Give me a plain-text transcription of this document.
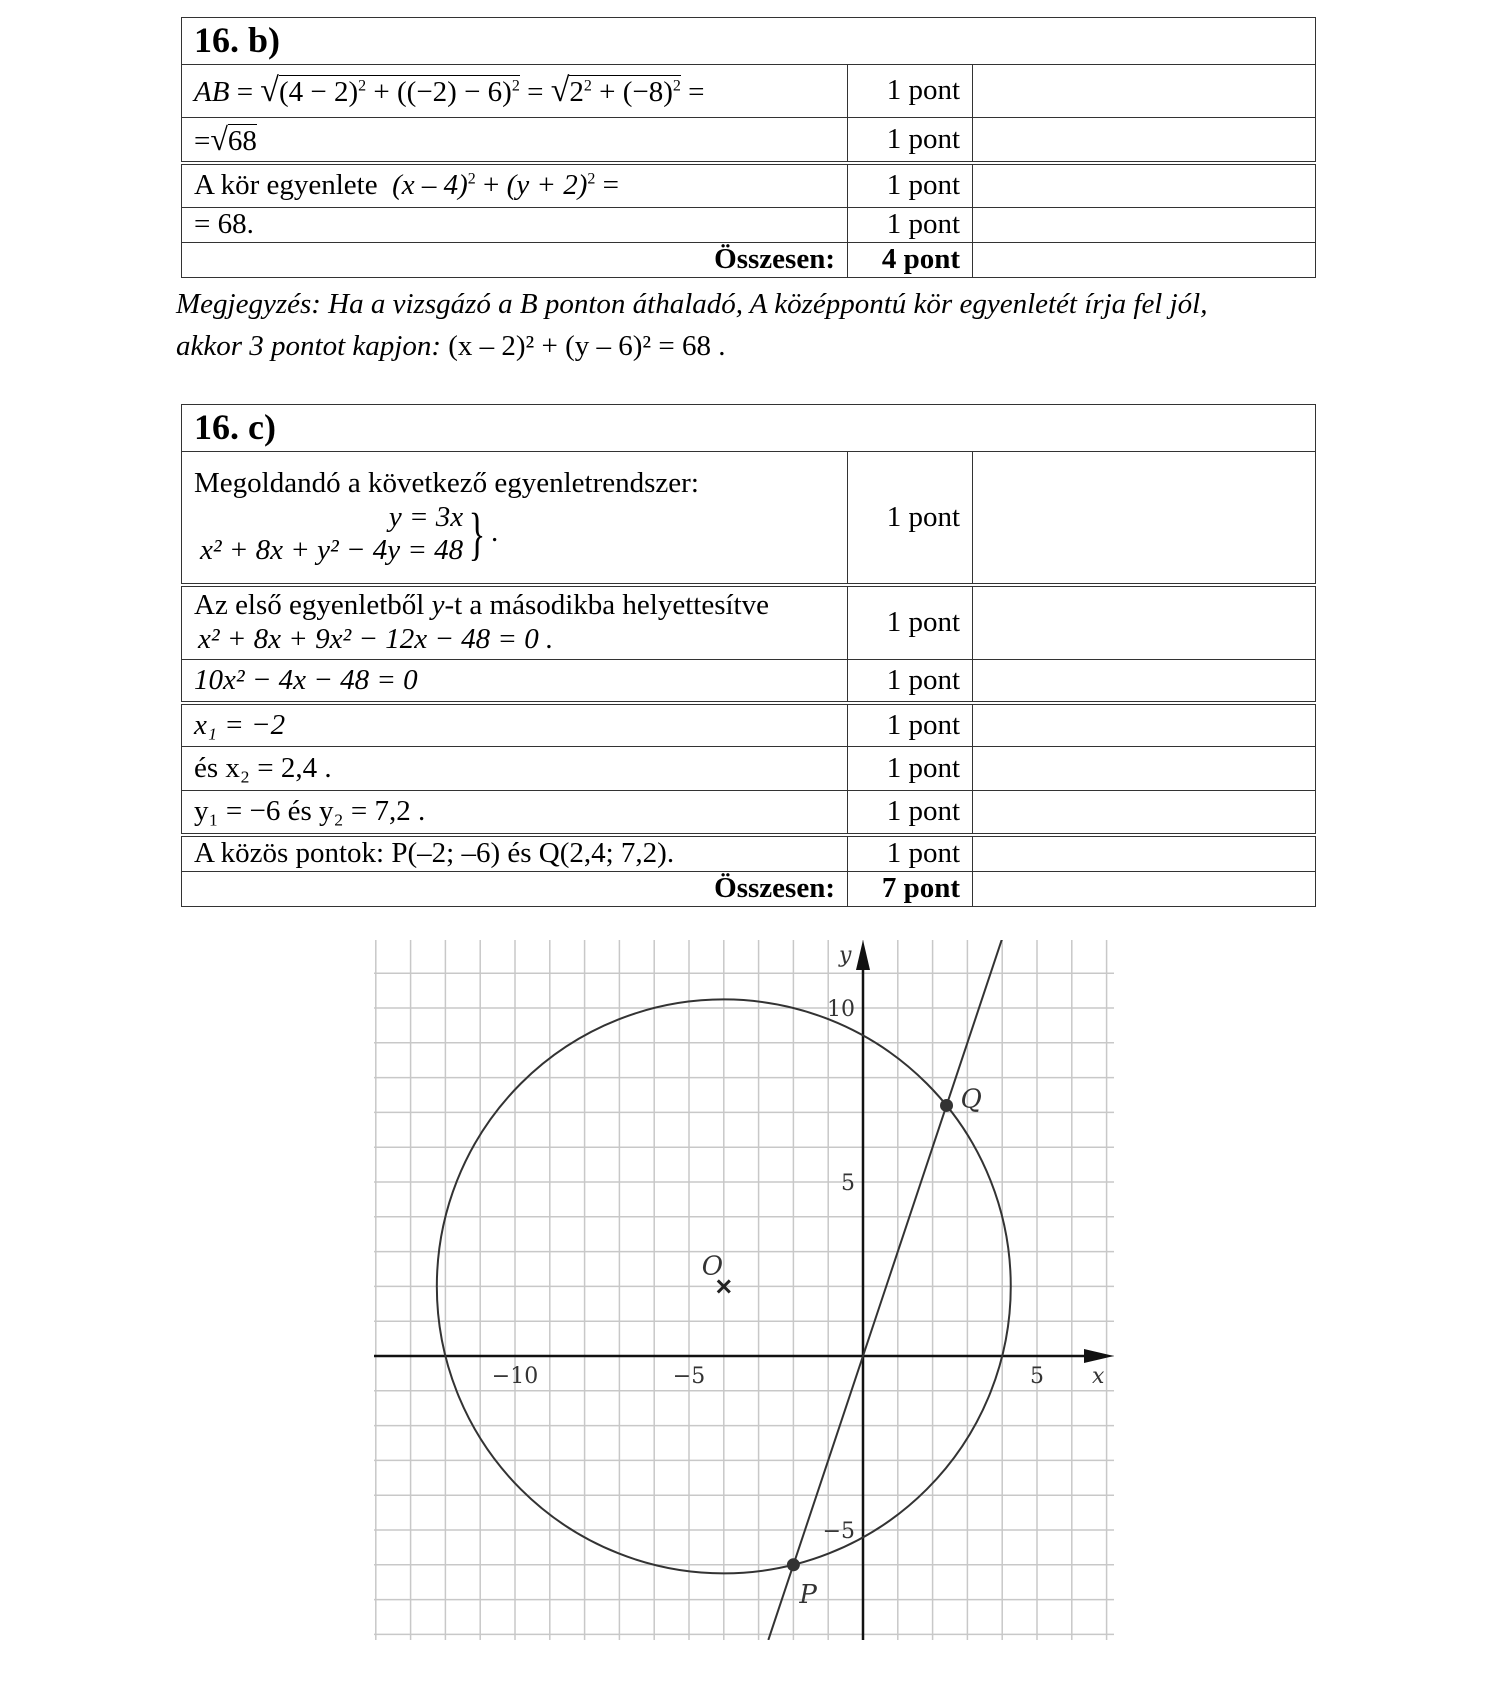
16. b)		
AB = $√(4 - 2)^2 + ((-2) - 6)^2 = √2^2 + (-8)^2$ =	1 pont	
=√68	1 pont	
A kör egyenlete $(x - 4)^2 + (y + 2)^2$ =	1 pont	
= 68.	1 pont	
Összesen:	4 pont	
Megjegyzés: Ha a vizsgázó a B ponton áthaladó, A középpontú kör egyenletét írja fel jól,
akkor 3 pontot kapjon: (x – 2)² + (y – 6)² = 68 .
16. c)		

Megoldandó a következő egyenletrendszer:
y = 3x
x² + 8x + y² − 4y = 48 } .	1 pont	

Az első egyenletből y-t a másodikba helyettesítve
x² + 8x + 9x² − 12x − 48 = 0 .	1 pont	
10x² − 4x − 48 = 0	1 pont	
x₁ = −2	1 pont	
és x₂ = 2,4 .	1 pont	
y₁ = −6 és y₂ = 7,2 .	1 pont	
A közös pontok: P(–2; –6) és Q(2,4; 7,2).	1 pont	
Összesen:	7 pont	
O
P
Q
−10	−5	5
10
5
−5
x
y
